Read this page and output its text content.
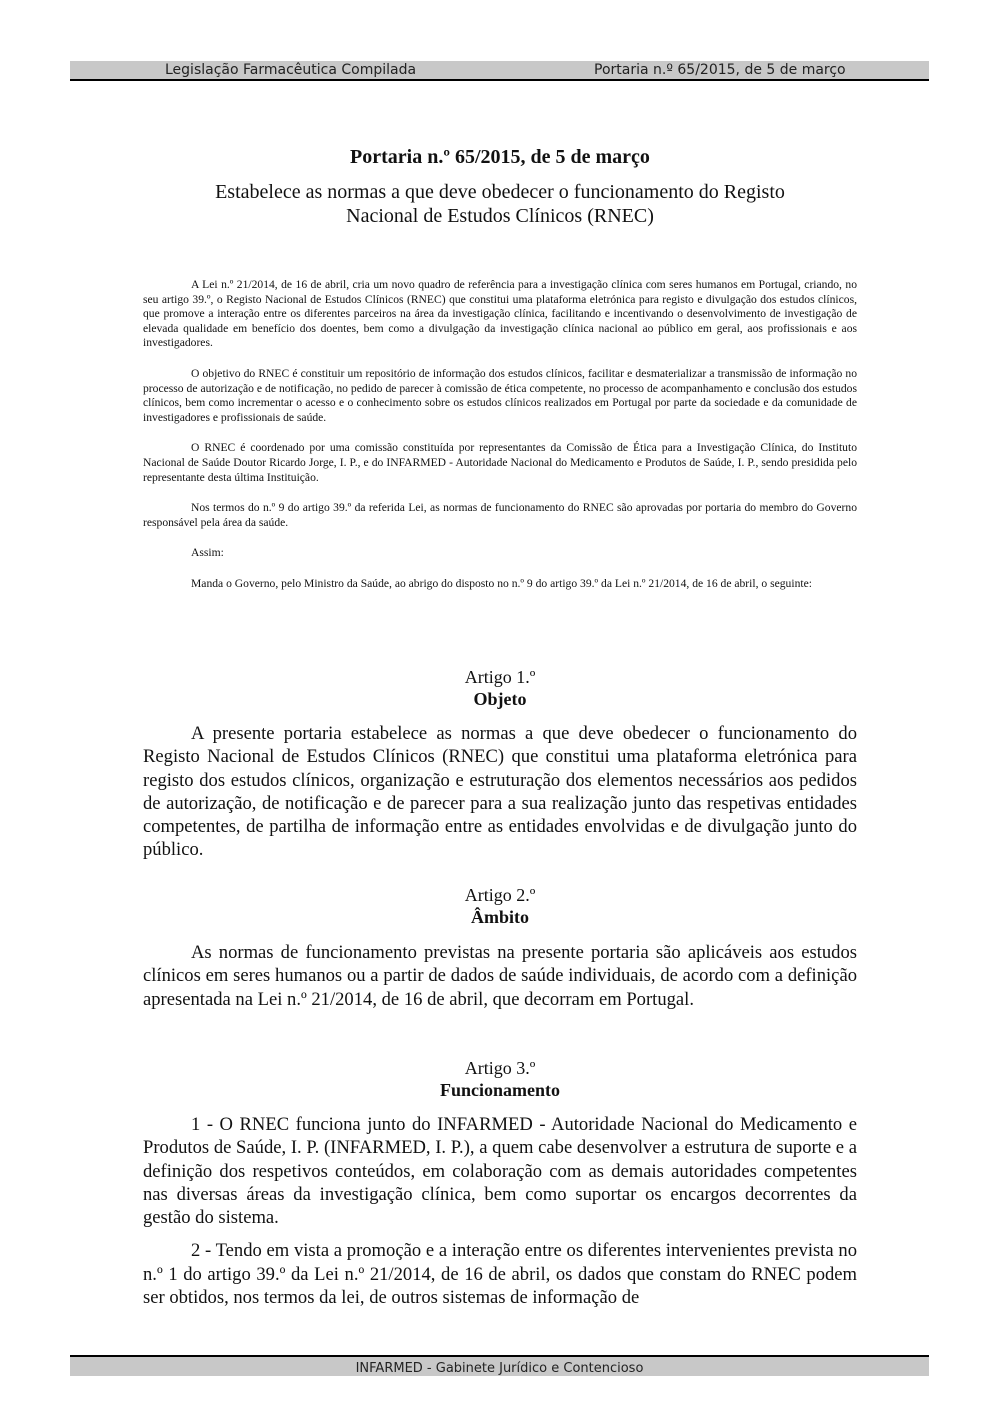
Legislação Farmacêutica Compilada	Portaria n.º 65/2015, de 5 de março
Portaria n.º 65/2015, de 5 de março
Estabelece as normas a que deve obedecer o funcionamento do Registo Nacional de Estudos Clínicos (RNEC)

A Lei n.º 21/2014, de 16 de abril, cria um novo quadro de referência para a investigação clínica com seres humanos em Portugal, criando, no seu artigo 39.º, o Registo Nacional de Estudos Clínicos (RNEC) que constitui uma plataforma eletrónica para registo e divulgação dos estudos clínicos, que promove a interação entre os diferentes parceiros na área da investigação clínica, facilitando e incentivando o desenvolvimento de investigação de elevada qualidade em benefício dos doentes, bem como a divulgação da investigação clínica nacional ao público em geral, aos profissionais e aos investigadores.

O objetivo do RNEC é constituir um repositório de informação dos estudos clínicos, facilitar e desmaterializar a transmissão de informação no processo de autorização e de notificação, no pedido de parecer à comissão de ética competente, no processo de acompanhamento e conclusão dos estudos clínicos, bem como incrementar o acesso e o conhecimento sobre os estudos clínicos realizados em Portugal por parte da sociedade e da comunidade de investigadores e profissionais de saúde.

O RNEC é coordenado por uma comissão constituída por representantes da Comissão de Ética para a Investigação Clínica, do Instituto Nacional de Saúde Doutor Ricardo Jorge, I. P., e do INFARMED - Autoridade Nacional do Medicamento e Produtos de Saúde, I. P., sendo presidida pelo representante desta última Instituição.

Nos termos do n.º 9 do artigo 39.º da referida Lei, as normas de funcionamento do RNEC são aprovadas por portaria do membro do Governo responsável pela área da saúde.

Assim:

Manda o Governo, pelo Ministro da Saúde, ao abrigo do disposto no n.º 9 do artigo 39.º da Lei n.º 21/2014, de 16 de abril, o seguinte:

Artigo 1.º
Objeto

A presente portaria estabelece as normas a que deve obedecer o funcionamento do Registo Nacional de Estudos Clínicos (RNEC) que constitui uma plataforma eletrónica para registo dos estudos clínicos, organização e estruturação dos elementos necessários aos pedidos de autorização, de notificação e de parecer para a sua realização junto das respetivas entidades competentes, de partilha de informação entre as entidades envolvidas e de divulgação junto do público.

Artigo 2.º
Âmbito

As normas de funcionamento previstas na presente portaria são aplicáveis aos estudos clínicos em seres humanos ou a partir de dados de saúde individuais, de acordo com a definição apresentada na Lei n.º 21/2014, de 16 de abril, que decorram em Portugal.

Artigo 3.º
Funcionamento

1 - O RNEC funciona junto do INFARMED - Autoridade Nacional do Medicamento e Produtos de Saúde, I. P. (INFARMED, I. P.), a quem cabe desenvolver a estrutura de suporte e a definição dos respetivos conteúdos, em colaboração com as demais autoridades competentes nas diversas áreas da investigação clínica, bem como suportar os encargos decorrentes da gestão do sistema.

2 - Tendo em vista a promoção e a interação entre os diferentes intervenientes prevista no n.º 1 do artigo 39.º da Lei n.º 21/2014, de 16 de abril, os dados que constam do RNEC podem ser obtidos, nos termos da lei, de outros sistemas de informação de

INFARMED - Gabinete Jurídico e Contencioso
